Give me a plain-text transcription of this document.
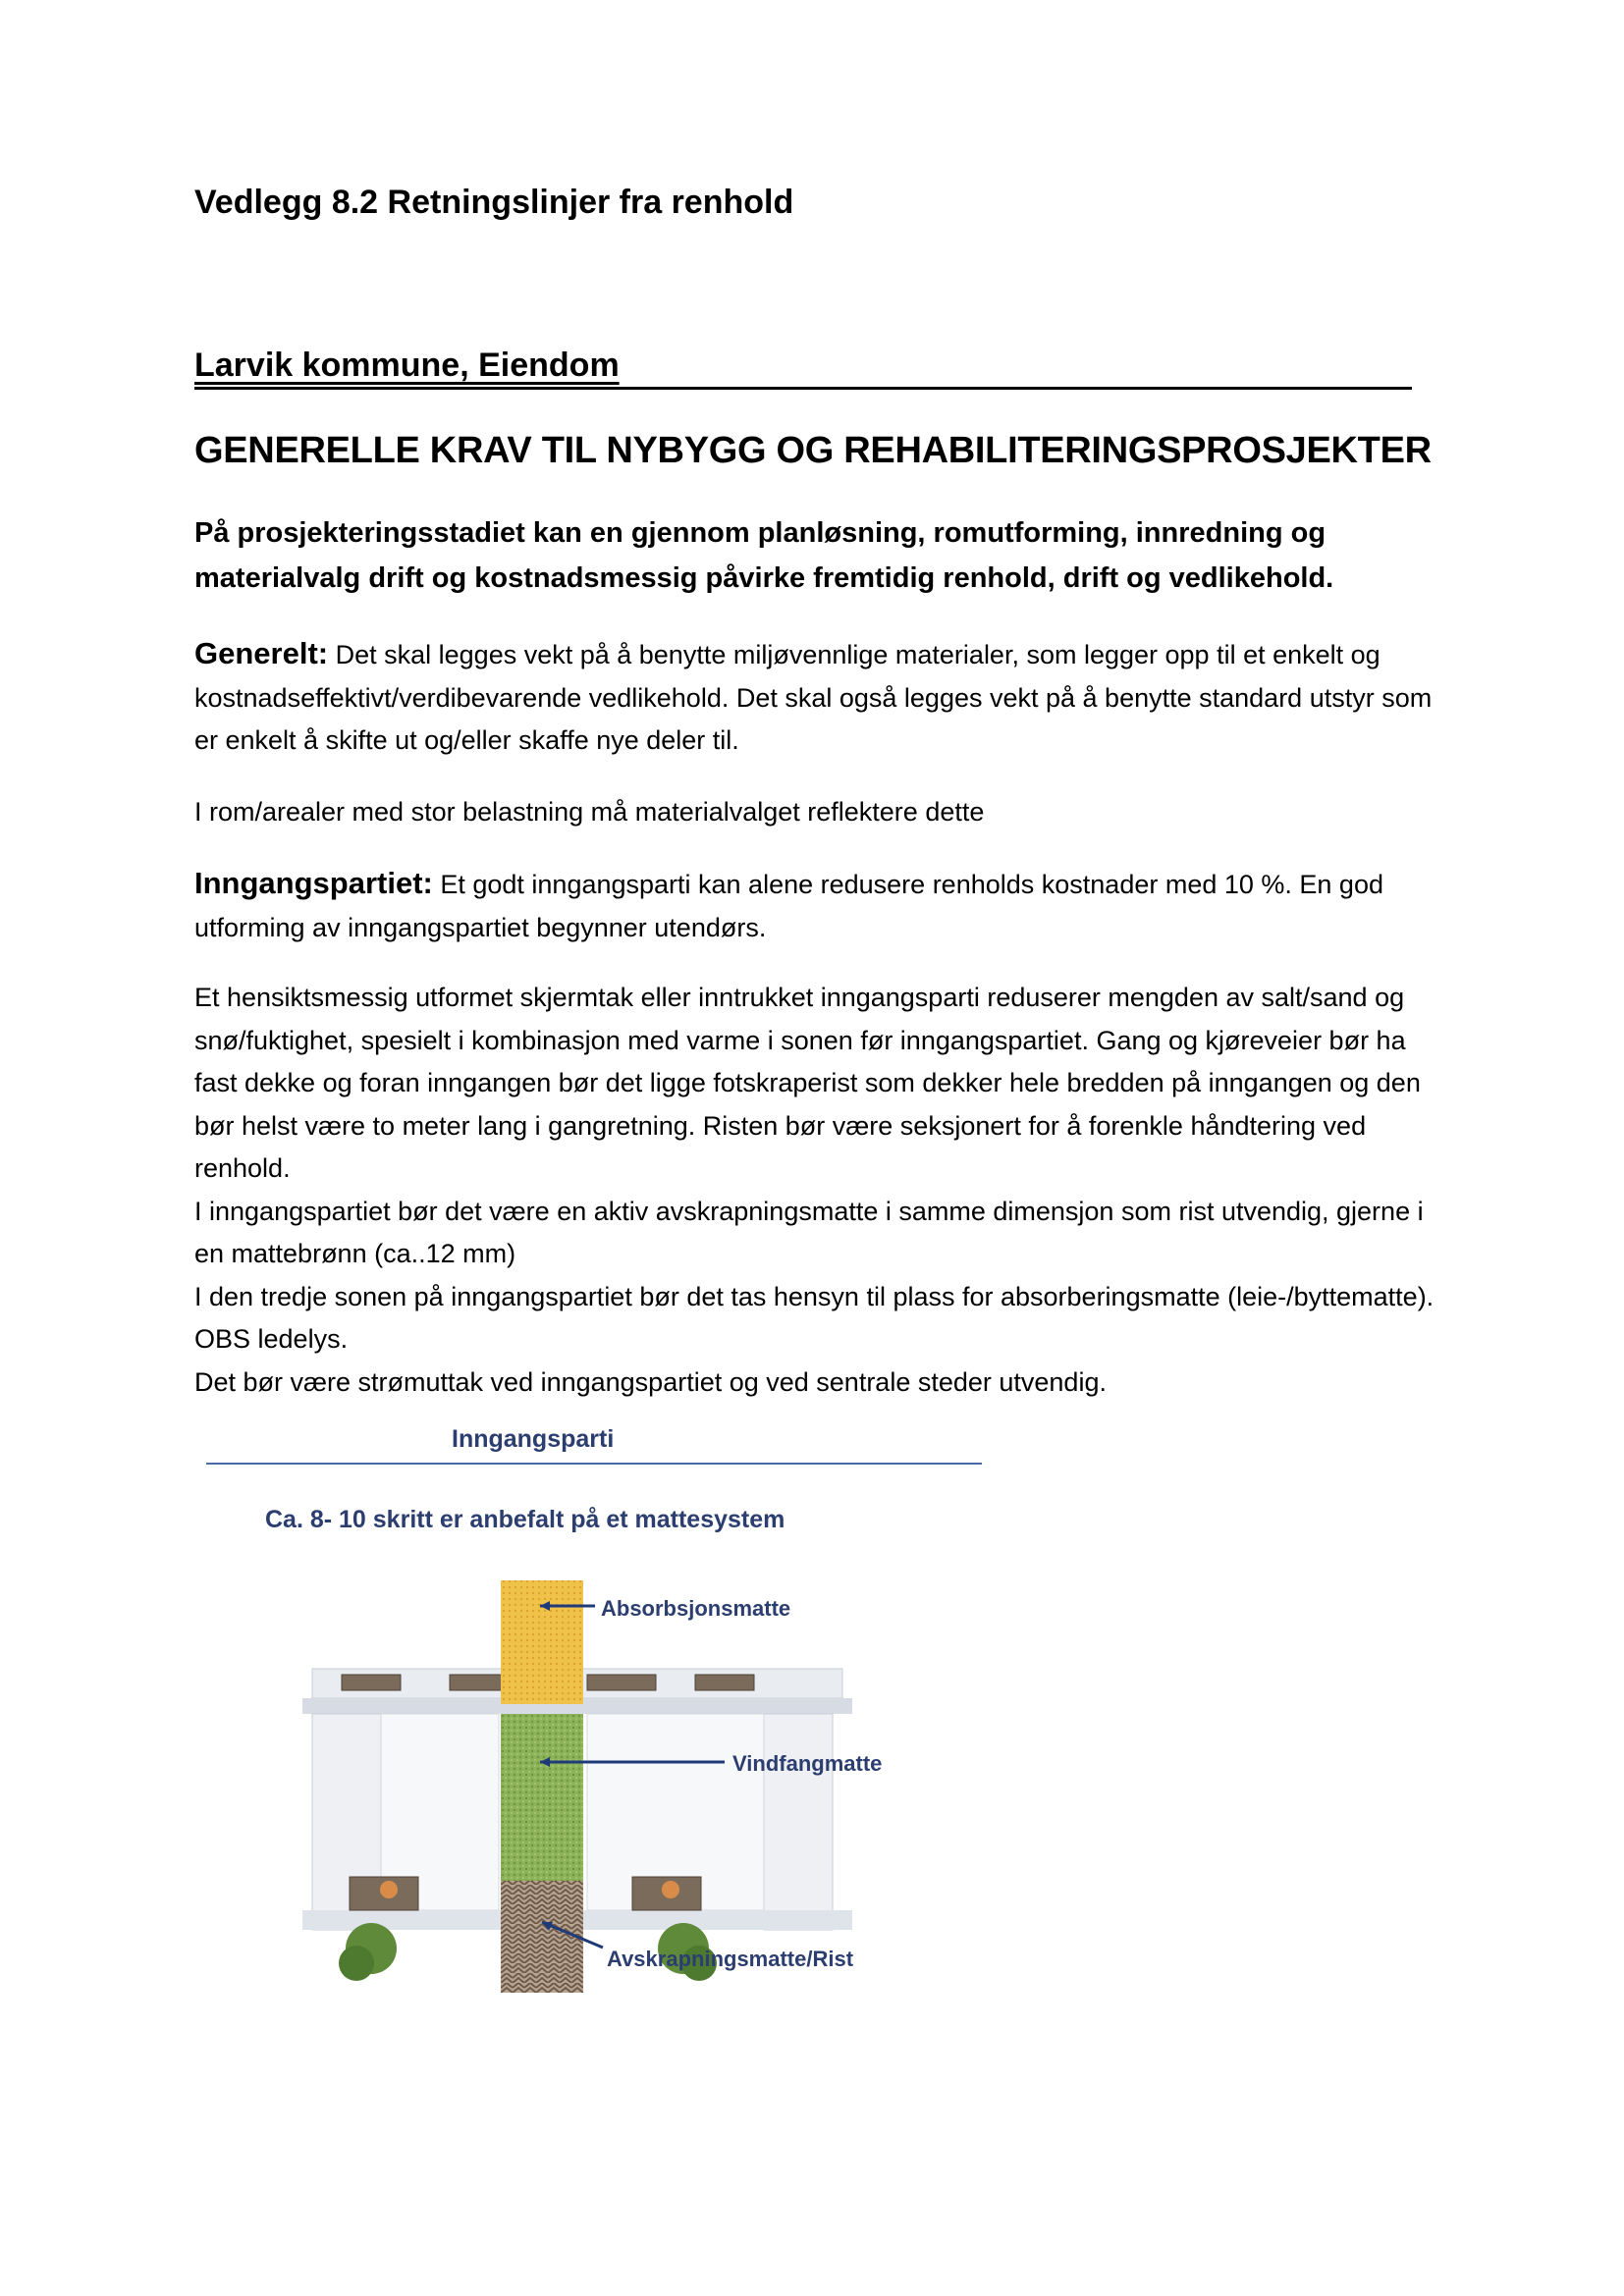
Vedlegg 8.2 Retningslinjer fra renhold
Larvik kommune, Eiendom
GENERELLE KRAV TIL NYBYGG OG REHABILITERINGSPROSJEKTER

På prosjekteringsstadiet kan en gjennom planløsning, romutforming, innredning og materialvalg drift og kostnadsmessig påvirke fremtidig renhold, drift og vedlikehold.

Generelt: Det skal legges vekt på å benytte miljøvennlige materialer, som legger opp til et enkelt og kostnadseffektivt/verdibevarende vedlikehold. Det skal også legges vekt på å benytte standard utstyr som er enkelt å skifte ut og/eller skaffe nye deler til.

I rom/arealer med stor belastning må materialvalget reflektere dette

Inngangspartiet: Et godt inngangsparti kan alene redusere renholds kostnader med 10 %. En god utforming av inngangspartiet begynner utendørs.

Et hensiktsmessig utformet skjermtak eller inntrukket inngangsparti reduserer mengden av salt/sand og snø/fuktighet, spesielt i kombinasjon med varme i sonen før inngangspartiet. Gang og kjøreveier bør ha fast dekke og foran inngangen bør det ligge fotskraperist som dekker hele bredden på inngangen og den bør helst være to meter lang i gangretning. Risten bør være seksjonert for å forenkle håndtering ved renhold.
I inngangspartiet bør det være en aktiv avskrapningsmatte i samme dimensjon som rist utvendig, gjerne i en mattebrønn (ca..12 mm)
I den tredje sonen på inngangspartiet bør det tas hensyn til plass for absorberingsmatte (leie-/byttematte). OBS ledelys.
Det bør være strømuttak ved inngangspartiet og ved sentrale steder utvendig.

Inngangsparti

Ca. 8- 10 skritt er anbefalt på et mattesystem

Absorbsjonsmatte

Vindfangmatte

Avskrapningsmatte/Rist
